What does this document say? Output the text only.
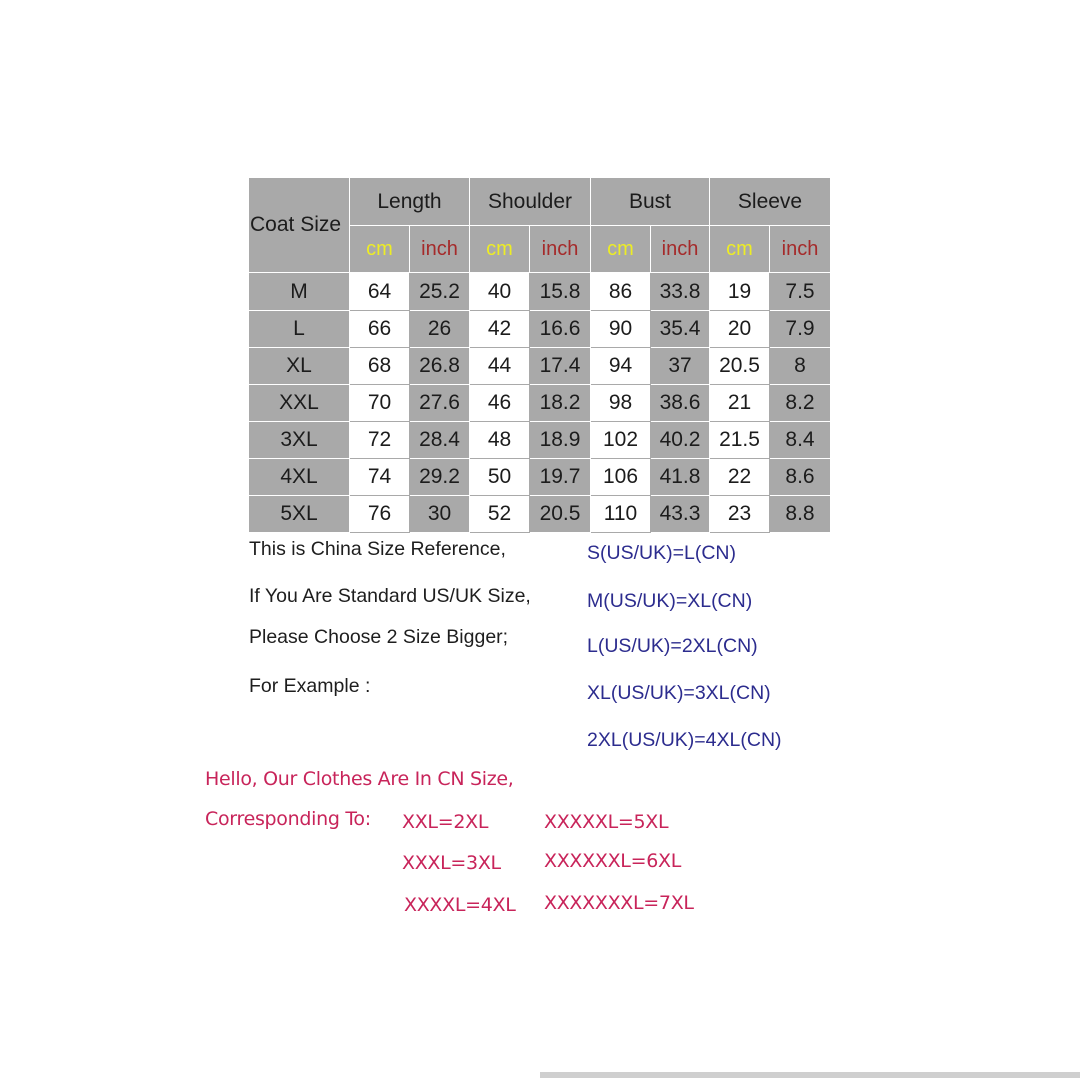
Coat Size	Length		Shoulder		Bust		Sleeve	
	cm	inch	cm	inch	cm	inch	cm	inch
M	64	25.2	40	15.8	86	33.8	19	7.5
L	66	26	42	16.6	90	35.4	20	7.9
XL	68	26.8	44	17.4	94	37	20.5	8
XXL	70	27.6	46	18.2	98	38.6	21	8.2
3XL	72	28.4	48	18.9	102	40.2	21.5	8.4
4XL	74	29.2	50	19.7	106	41.8	22	8.6
5XL	76	30	52	20.5	110	43.3	23	8.8
This is China Size Reference,
If You Are Standard US/UK Size,
Please Choose 2 Size Bigger;
For Example :
S(US/UK)=L(CN)
M(US/UK)=XL(CN)
L(US/UK)=2XL(CN)
XL(US/UK)=3XL(CN)
2XL(US/UK)=4XL(CN)
Hello, Our Clothes Are In CN Size,
Corresponding To: XXL=2XL	XXXXXL=5XL
XXXL=3XL XXXXXXL=6XL
XXXXL=4XL XXXXXXXL=7XL
